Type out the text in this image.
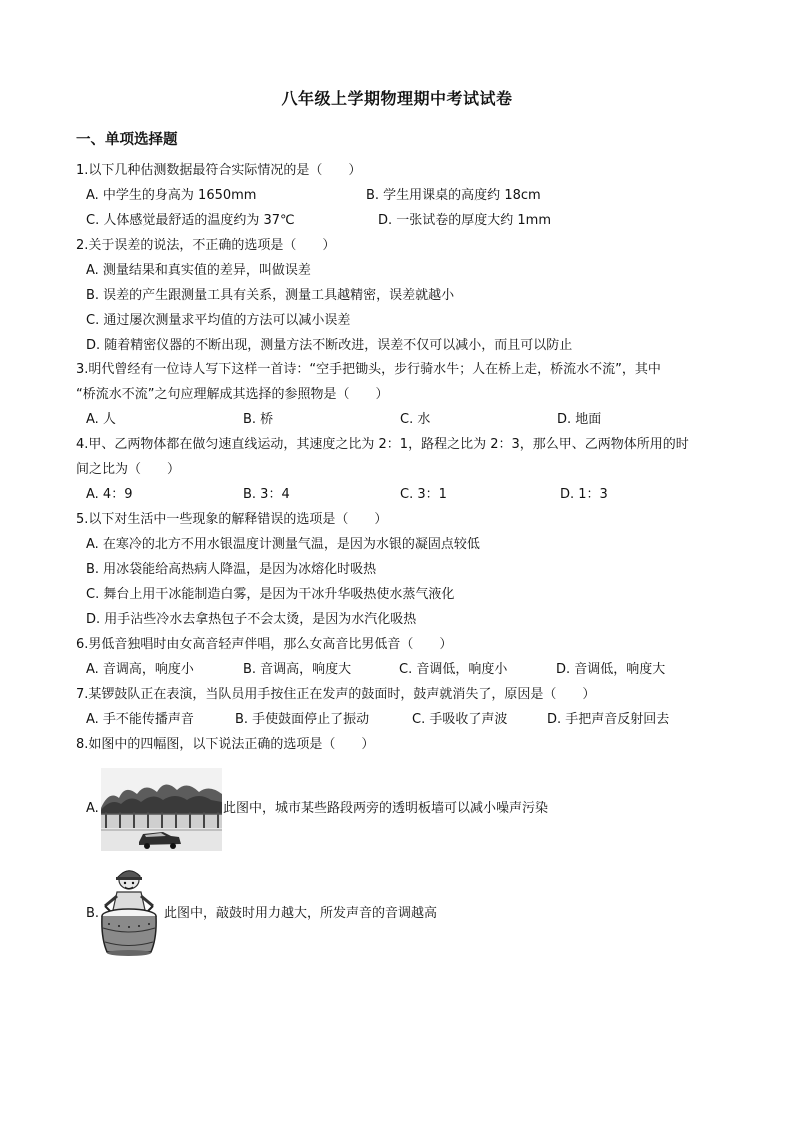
八年级上学期物理期中考试试卷
一、单项选择题
1.以下几种估测数据最符合实际情况的是（　　）
A. 中学生的身高为 1650mm	B. 学生用课桌的高度约 18cm
C. 人体感觉最舒适的温度约为 37℃	D. 一张试卷的厚度大约 1mm
2.关于误差的说法，不正确的选项是（　　）
A. 测量结果和真实值的差异，叫做误差
B. 误差的产生跟测量工具有关系，测量工具越精密，误差就越小
C. 通过屡次测量求平均值的方法可以减小误差
D. 随着精密仪器的不断出现，测量方法不断改进，误差不仅可以减小，而且可以防止
3.明代曾经有一位诗人写下这样一首诗：“空手把锄头，步行骑水牛；人在桥上走，桥流水不流”，其中
“桥流水不流”之句应理解成其选择的参照物是（　　）
A. 人	B. 桥	C. 水	D. 地面
4.甲、乙两物体都在做匀速直线运动，其速度之比为 2：1，路程之比为 2：3，那么甲、乙两物体所用的时
间之比为（　　）
A. 4：9	B. 3：4	C. 3：1	D. 1：3
5.以下对生活中一些现象的解释错误的选项是（　　）
A. 在寒冷的北方不用水银温度计测量气温，是因为水银的凝固点较低
B. 用冰袋能给高热病人降温，是因为冰熔化时吸热
C. 舞台上用干冰能制造白雾，是因为干冰升华吸热使水蒸气液化
D. 用手沾些冷水去拿热包子不会太烫，是因为水汽化吸热
6.男低音独唱时由女高音轻声伴唱，那么女高音比男低音（　　）
A. 音调高，响度小	B. 音调高，响度大	C. 音调低，响度小	D. 音调低，响度大
7.某锣鼓队正在表演，当队员用手按住正在发声的鼓面时，鼓声就消失了，原因是（　　）
A. 手不能传播声音	B. 手使鼓面停止了振动	C. 手吸收了声波	D. 手把声音反射回去
8.如图中的四幅图，以下说法正确的选项是（　　）
A.	此图中，城市某些路段两旁的透明板墙可以减小噪声污染
B.	此图中，敲鼓时用力越大，所发声音的音调越高
